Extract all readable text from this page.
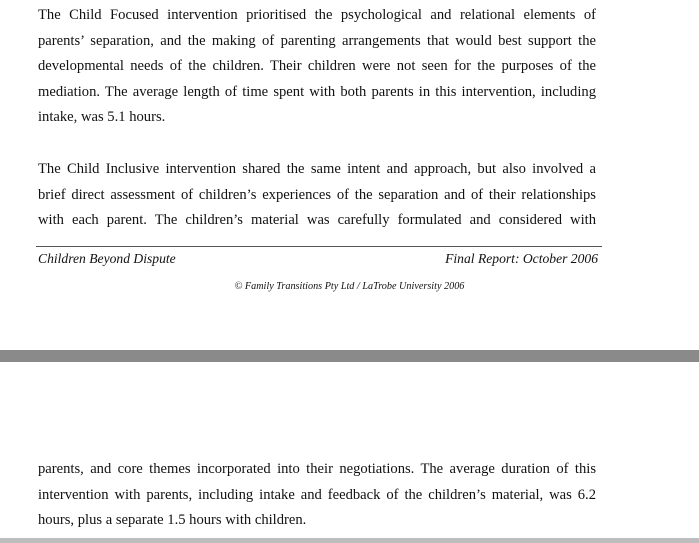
The Child Focused intervention prioritised the psychological and relational elements of
parents’ separation, and the making of parenting arrangements that would best support the
developmental needs of the children. Their children were not seen for the purposes of the
mediation. The average length of time spent with both parents in this intervention, including
intake, was 5.1 hours.
The Child Inclusive intervention shared the same intent and approach, but also involved a
brief direct assessment of children’s experiences of the separation and of their relationships
with each parent. The children’s material was carefully formulated and considered with
Children Beyond Dispute	Final Report: October 2006
© Family Transitions Pty Ltd / LaTrobe University 2006
parents, and core themes incorporated into their negotiations. The average duration of this
intervention with parents, including intake and feedback of the children’s material, was 6.2
hours, plus a separate 1.5 hours with children.
